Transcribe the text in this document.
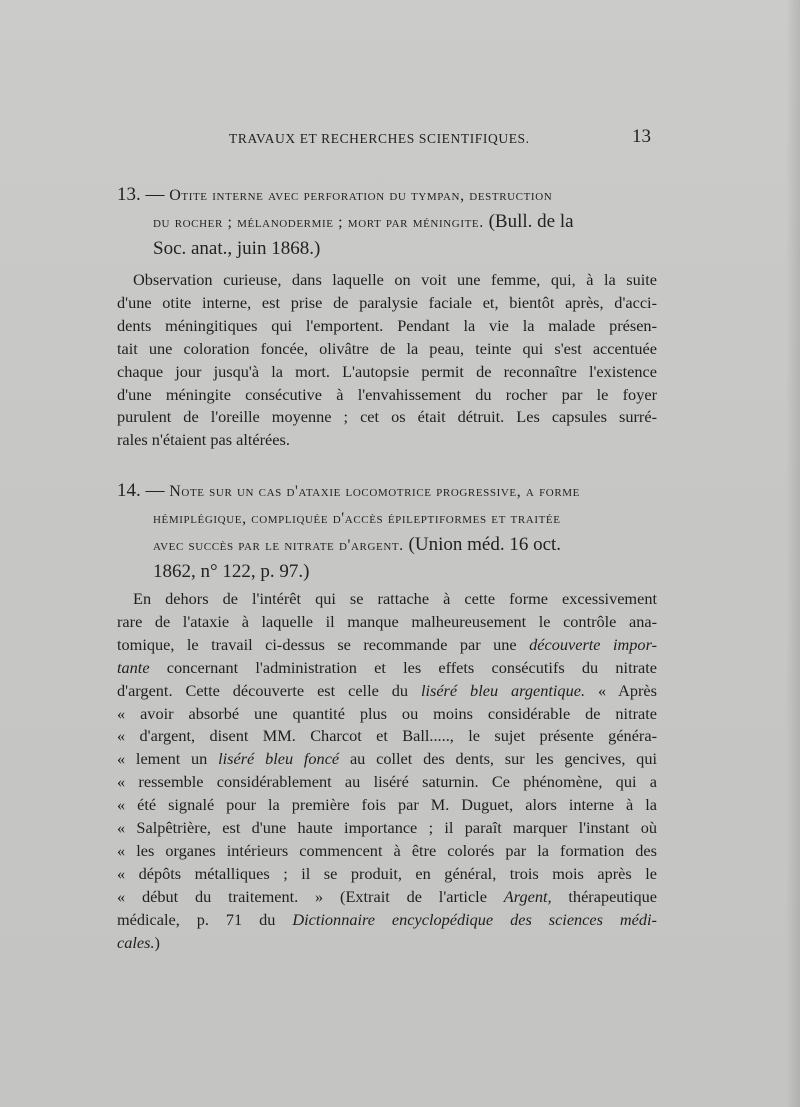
TRAVAUX ET RECHERCHES SCIENTIFIQUES.	13
13. — Otite interne avec perforation du tympan, destruction
du rocher ; mélanodermie ; mort par méningite. (Bull. de la
Soc. anat., juin 1868.)
Observation curieuse, dans laquelle on voit une femme, qui, à la suite
d'une otite interne, est prise de paralysie faciale et, bientôt après, d'acci-
dents méningitiques qui l'emportent. Pendant la vie la malade présen-
tait une coloration foncée, olivâtre de la peau, teinte qui s'est accentuée
chaque jour jusqu'à la mort. L'autopsie permit de reconnaître l'existence
d'une méningite consécutive à l'envahissement du rocher par le foyer
purulent de l'oreille moyenne ; cet os était détruit. Les capsules surré-
rales n'étaient pas altérées.
14. — Note sur un cas d'ataxie locomotrice progressive, a forme
hémiplégique, compliquée d'accès épileptiformes et traitée
avec succès par le nitrate d'argent. (Union méd. 16 oct.
1862, n° 122, p. 97.)
En dehors de l'intérêt qui se rattache à cette forme excessivement
rare de l'ataxie à laquelle il manque malheureusement le contrôle ana-
tomique, le travail ci-dessus se recommande par une découverte impor-
tante concernant l'administration et les effets consécutifs du nitrate
d'argent. Cette découverte est celle du liséré bleu argentique. « Après
« avoir absorbé une quantité plus ou moins considérable de nitrate
« d'argent, disent MM. Charcot et Ball....., le sujet présente généra-
« lement un liséré bleu foncé au collet des dents, sur les gencives, qui
« ressemble considérablement au liséré saturnin. Ce phénomène, qui a
« été signalé pour la première fois par M. Duguet, alors interne à la
« Salpêtrière, est d'une haute importance ; il paraît marquer l'instant où
« les organes intérieurs commencent à être colorés par la formation des
« dépôts métalliques ; il se produit, en général, trois mois après le
« début du traitement. » (Extrait de l'article Argent, thérapeutique
médicale, p. 71 du Dictionnaire encyclopédique des sciences médi-
cales.)
